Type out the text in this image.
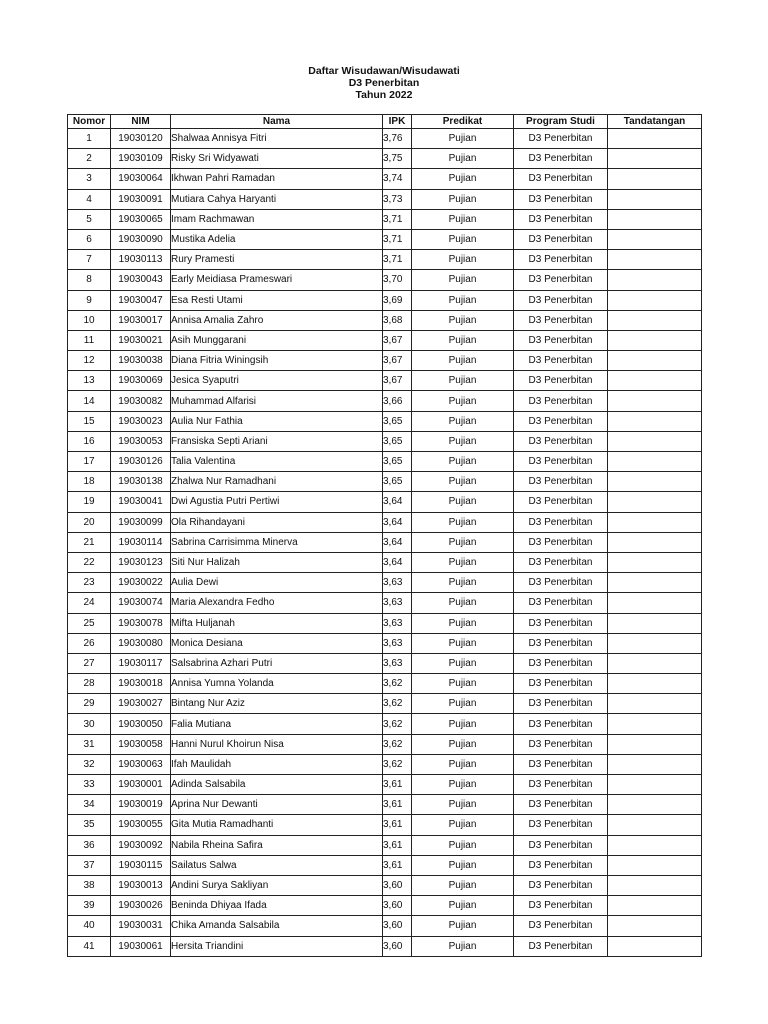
Daftar Wisudawan/Wisudawati
D3 Penerbitan
Tahun 2022
Nomor	NIM	Nama	IPK	Predikat	Program Studi	Tandatangan
1	19030120	Shalwaa Annisya Fitri	3,76	Pujian	D3 Penerbitan	
2	19030109	Risky Sri Widyawati	3,75	Pujian	D3 Penerbitan	
3	19030064	Ikhwan Pahri Ramadan	3,74	Pujian	D3 Penerbitan	
4	19030091	Mutiara Cahya Haryanti	3,73	Pujian	D3 Penerbitan	
5	19030065	Imam Rachmawan	3,71	Pujian	D3 Penerbitan	
6	19030090	Mustika Adelia	3,71	Pujian	D3 Penerbitan	
7	19030113	Rury Pramesti	3,71	Pujian	D3 Penerbitan	
8	19030043	Early Meidiasa Prameswari	3,70	Pujian	D3 Penerbitan	
9	19030047	Esa Resti Utami	3,69	Pujian	D3 Penerbitan	
10	19030017	Annisa Amalia Zahro	3,68	Pujian	D3 Penerbitan	
11	19030021	Asih Munggarani	3,67	Pujian	D3 Penerbitan	
12	19030038	Diana Fitria Winingsih	3,67	Pujian	D3 Penerbitan	
13	19030069	Jesica Syaputri	3,67	Pujian	D3 Penerbitan	
14	19030082	Muhammad Alfarisi	3,66	Pujian	D3 Penerbitan	
15	19030023	Aulia Nur Fathia	3,65	Pujian	D3 Penerbitan	
16	19030053	Fransiska Septi Ariani	3,65	Pujian	D3 Penerbitan	
17	19030126	Talia Valentina	3,65	Pujian	D3 Penerbitan	
18	19030138	Zhalwa Nur Ramadhani	3,65	Pujian	D3 Penerbitan	
19	19030041	Dwi Agustia Putri Pertiwi	3,64	Pujian	D3 Penerbitan	
20	19030099	Ola Rihandayani	3,64	Pujian	D3 Penerbitan	
21	19030114	Sabrina Carrisimma Minerva	3,64	Pujian	D3 Penerbitan	
22	19030123	Siti Nur Halizah	3,64	Pujian	D3 Penerbitan	
23	19030022	Aulia Dewi	3,63	Pujian	D3 Penerbitan	
24	19030074	Maria Alexandra Fedho	3,63	Pujian	D3 Penerbitan	
25	19030078	Mifta Huljanah	3,63	Pujian	D3 Penerbitan	
26	19030080	Monica Desiana	3,63	Pujian	D3 Penerbitan	
27	19030117	Salsabrina Azhari Putri	3,63	Pujian	D3 Penerbitan	
28	19030018	Annisa Yumna Yolanda	3,62	Pujian	D3 Penerbitan	
29	19030027	Bintang Nur Aziz	3,62	Pujian	D3 Penerbitan	
30	19030050	Falia Mutiana	3,62	Pujian	D3 Penerbitan	
31	19030058	Hanni Nurul Khoirun Nisa	3,62	Pujian	D3 Penerbitan	
32	19030063	Ifah Maulidah	3,62	Pujian	D3 Penerbitan	
33	19030001	Adinda Salsabila	3,61	Pujian	D3 Penerbitan	
34	19030019	Aprina Nur Dewanti	3,61	Pujian	D3 Penerbitan	
35	19030055	Gita Mutia Ramadhanti	3,61	Pujian	D3 Penerbitan	
36	19030092	Nabila Rheina Safira	3,61	Pujian	D3 Penerbitan	
37	19030115	Sailatus Salwa	3,61	Pujian	D3 Penerbitan	
38	19030013	Andini Surya Sakliyan	3,60	Pujian	D3 Penerbitan	
39	19030026	Beninda Dhiyaa Ifada	3,60	Pujian	D3 Penerbitan	
40	19030031	Chika Amanda Salsabila	3,60	Pujian	D3 Penerbitan	
41	19030061	Hersita Triandini	3,60	Pujian	D3 Penerbitan	
